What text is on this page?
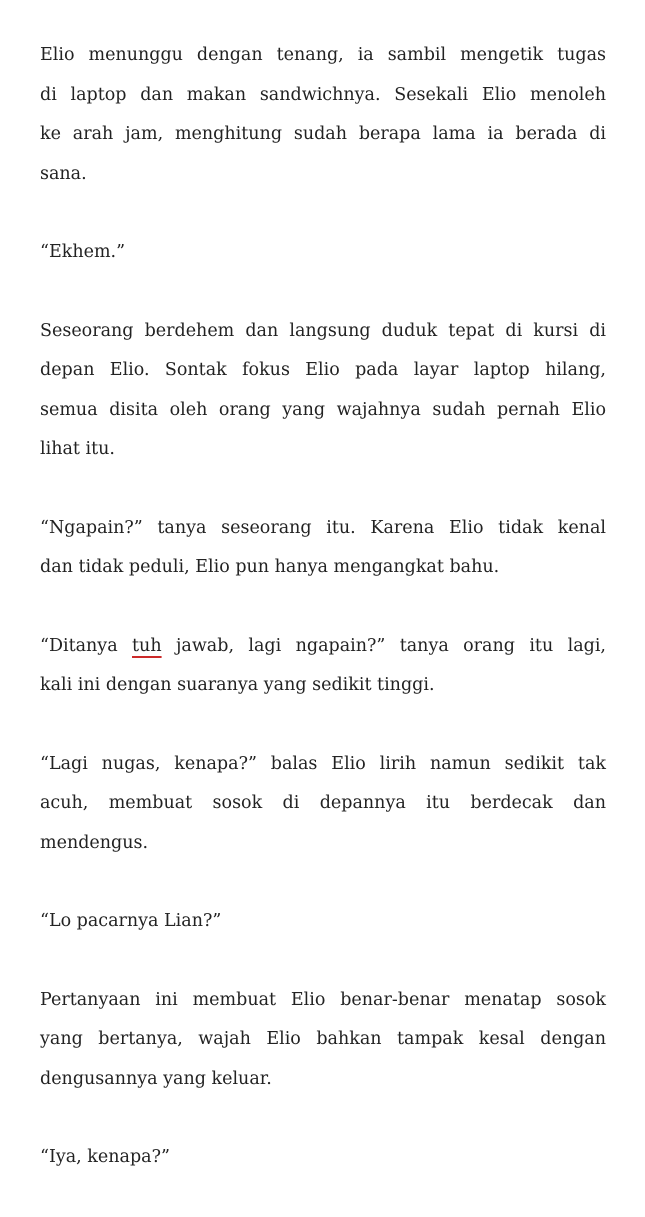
Elio menunggu dengan tenang, ia sambil mengetik tugas
di laptop dan makan sandwichnya. Sesekali Elio menoleh
ke arah jam, menghitung sudah berapa lama ia berada di
sana.

“Ekhem.”

Seseorang berdehem dan langsung duduk tepat di kursi di
depan Elio. Sontak fokus Elio pada layar laptop hilang,
semua disita oleh orang yang wajahnya sudah pernah Elio
lihat itu.

“Ngapain?” tanya seseorang itu. Karena Elio tidak kenal
dan tidak peduli, Elio pun hanya mengangkat bahu.

“Ditanya tuh jawab, lagi ngapain?” tanya orang itu lagi,
kali ini dengan suaranya yang sedikit tinggi.

“Lagi nugas, kenapa?” balas Elio lirih namun sedikit tak
acuh, membuat sosok di depannya itu berdecak dan
mendengus.

“Lo pacarnya Lian?”

Pertanyaan ini membuat Elio benar-benar menatap sosok
yang bertanya, wajah Elio bahkan tampak kesal dengan
dengusannya yang keluar.

“Iya, kenapa?”
